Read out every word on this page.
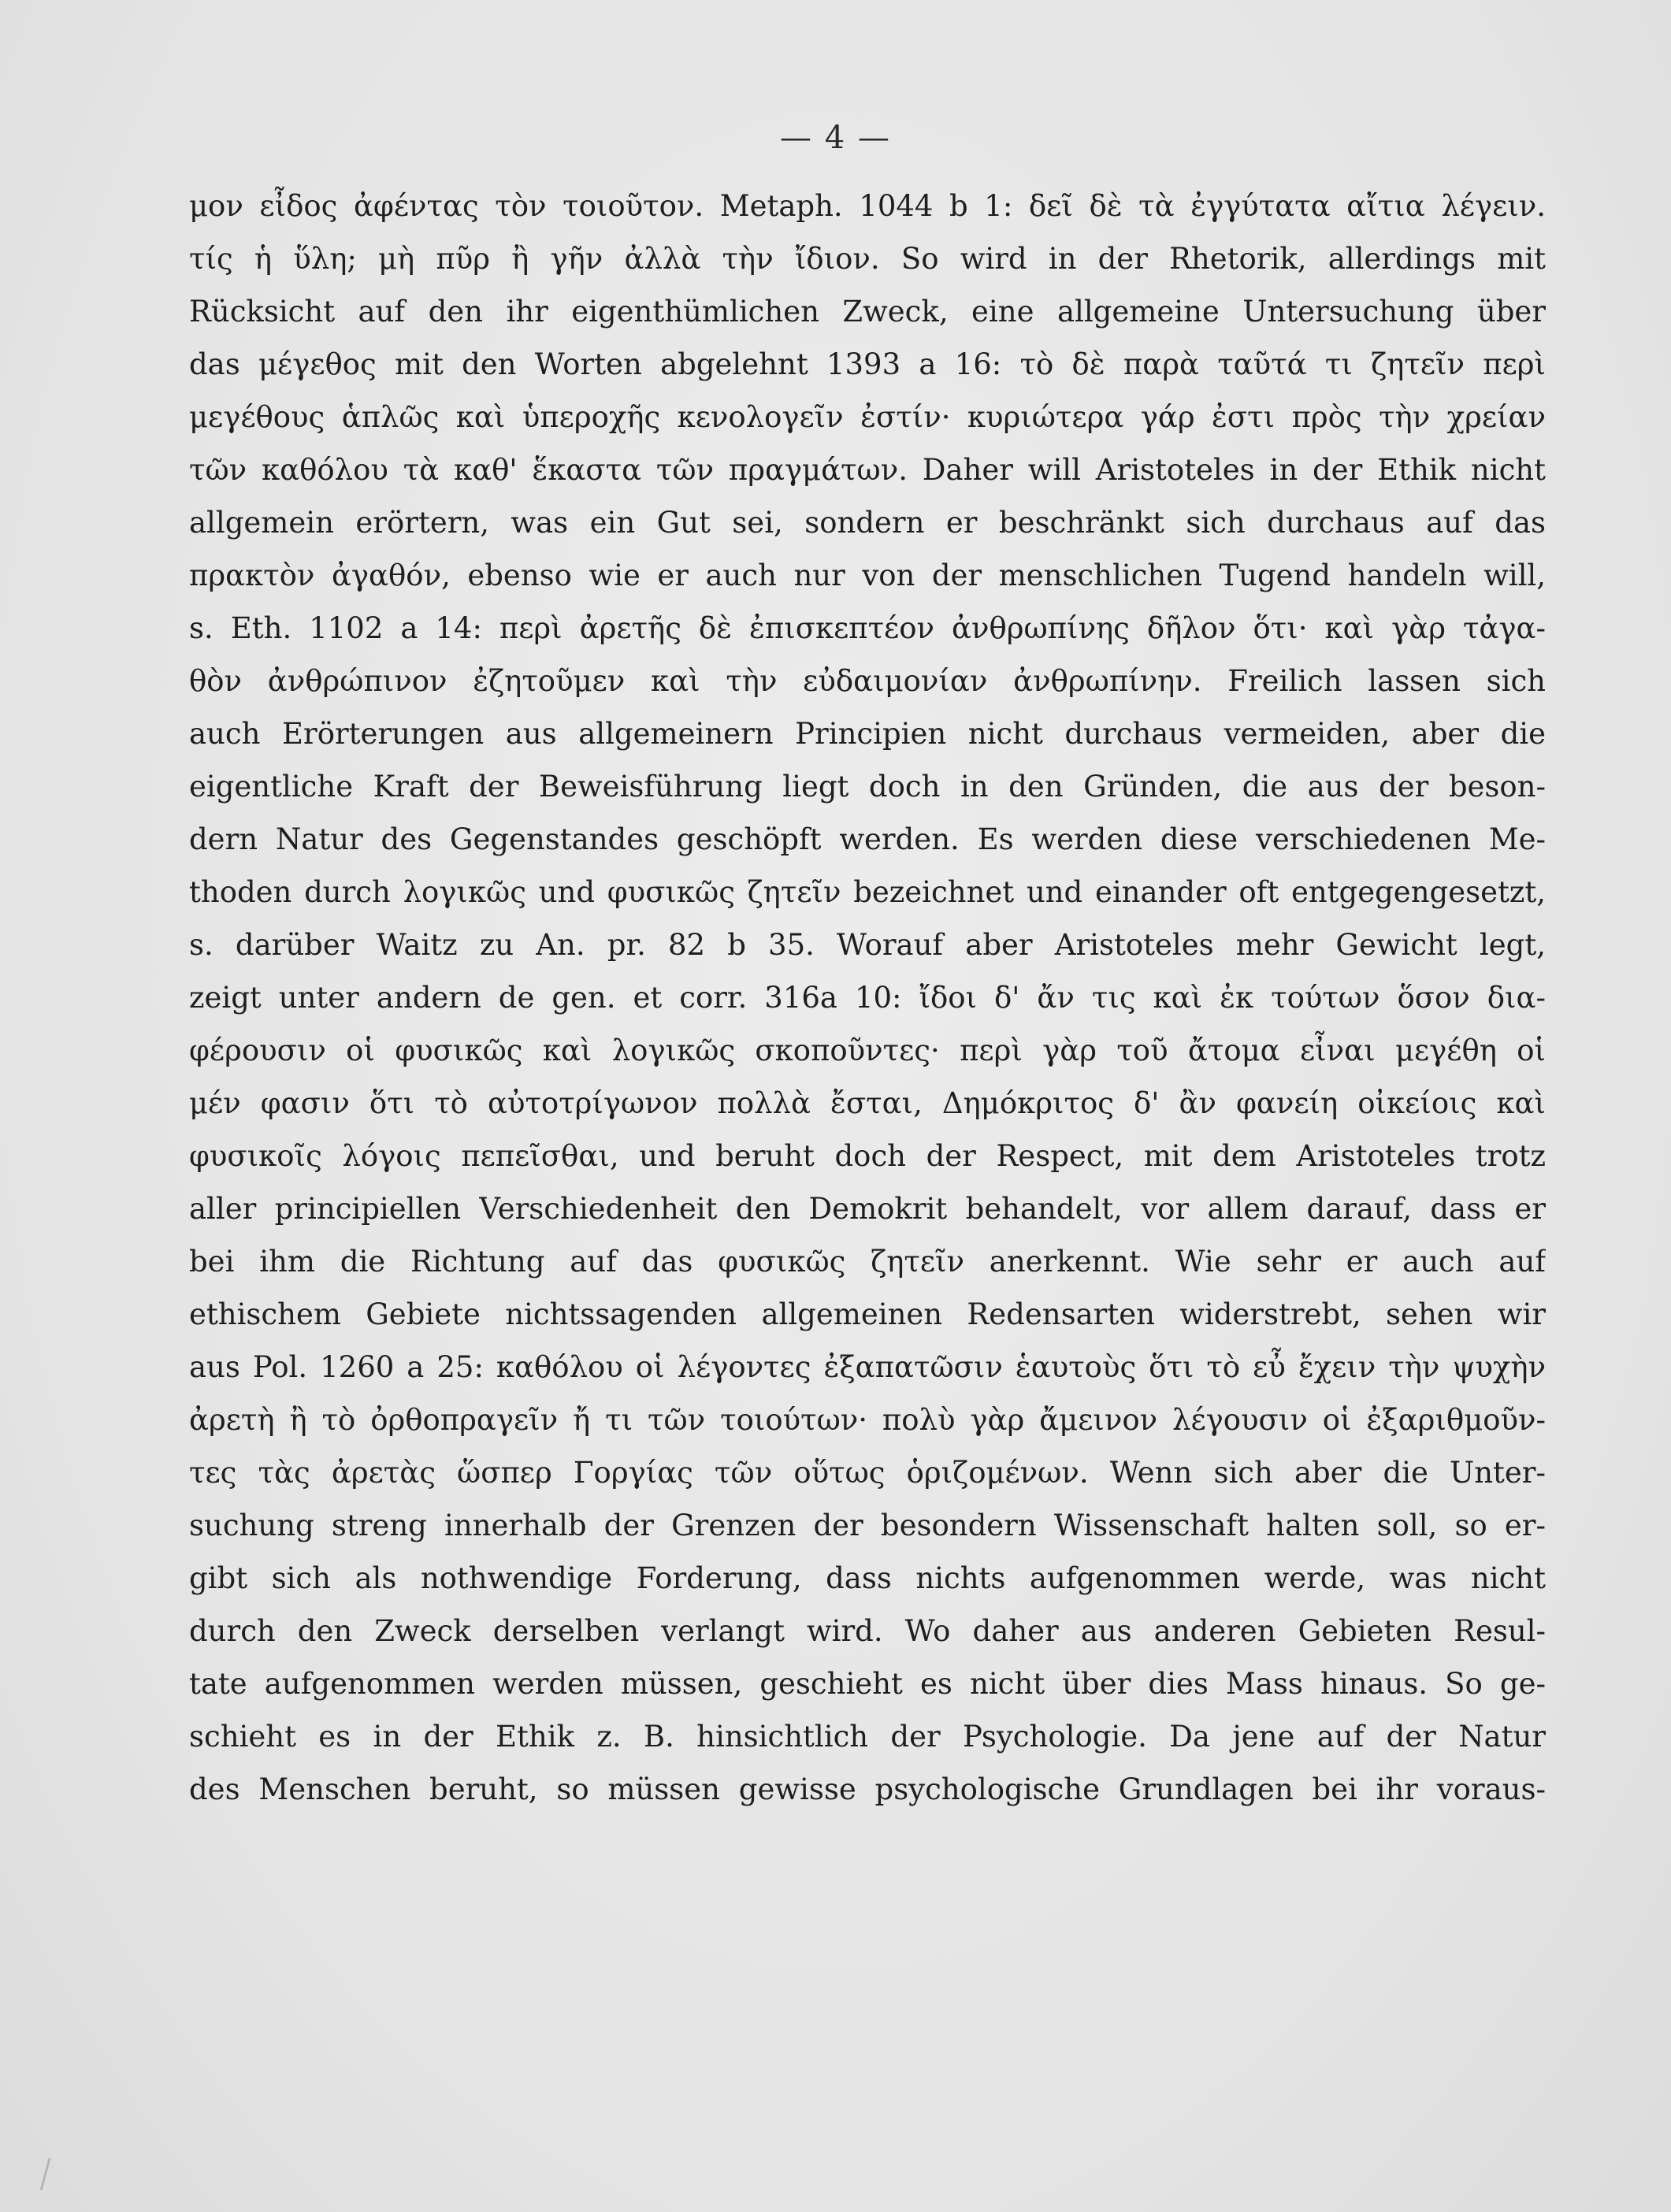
— 4 —
μον εἶδος ἀφέντας τὸν τοιοῦτον. Metaph. 1044 b 1: δεῖ δὲ τὰ ἐγγύτατα αἴτια λέγειν.
τίς ἡ ὕλη; μὴ πῦρ ἢ γῆν ἀλλὰ τὴν ἴδιον. So wird in der Rhetorik, allerdings mit
Rücksicht auf den ihr eigenthümlichen Zweck, eine allgemeine Untersuchung über
das μέγεθος mit den Worten abgelehnt 1393 a 16: τὸ δὲ παρὰ ταῦτά τι ζητεῖν περὶ
μεγέθους ἁπλῶς καὶ ὑπεροχῆς κενολογεῖν ἐστίν· κυριώτερα γάρ ἐστι πρὸς τὴν χρείαν
τῶν καθόλου τὰ καθ' ἕκαστα τῶν πραγμάτων. Daher will Aristoteles in der Ethik nicht
allgemein erörtern, was ein Gut sei, sondern er beschränkt sich durchaus auf das
πρακτὸν ἀγαθόν, ebenso wie er auch nur von der menschlichen Tugend handeln will,
s. Eth. 1102 a 14: περὶ ἀρετῆς δὲ ἐπισκεπτέον ἀνθρωπίνης δῆλον ὅτι· καὶ γὰρ τἀγα-
θὸν ἀνθρώπινον ἐζητοῦμεν καὶ τὴν εὐδαιμονίαν ἀνθρωπίνην. Freilich lassen sich
auch Erörterungen aus allgemeinern Principien nicht durchaus vermeiden, aber die
eigentliche Kraft der Beweisführung liegt doch in den Gründen, die aus der beson-
dern Natur des Gegenstandes geschöpft werden. Es werden diese verschiedenen Me-
thoden durch λογικῶς und φυσικῶς ζητεῖν bezeichnet und einander oft entgegengesetzt,
s. darüber Waitz zu An. pr. 82 b 35. Worauf aber Aristoteles mehr Gewicht legt,
zeigt unter andern de gen. et corr. 316a 10: ἴδοι δ' ἄν τις καὶ ἐκ τούτων ὅσον δια-
φέρουσιν οἱ φυσικῶς καὶ λογικῶς σκοποῦντες· περὶ γὰρ τοῦ ἄτομα εἶναι μεγέθη οἱ
μέν φασιν ὅτι τὸ αὐτοτρίγωνον πολλὰ ἔσται, Δημόκριτος δ' ἂν φανείη οἰκείοις καὶ
φυσικοῖς λόγοις πεπεῖσθαι, und beruht doch der Respect, mit dem Aristoteles trotz
aller principiellen Verschiedenheit den Demokrit behandelt, vor allem darauf, dass er
bei ihm die Richtung auf das φυσικῶς ζητεῖν anerkennt. Wie sehr er auch auf
ethischem Gebiete nichtssagenden allgemeinen Redensarten widerstrebt, sehen wir
aus Pol. 1260 a 25: καθόλου οἱ λέγοντες ἐξαπατῶσιν ἑαυτοὺς ὅτι τὸ εὖ ἔχειν τὴν ψυχὴν
ἀρετὴ ἢ τὸ ὀρθοπραγεῖν ἤ τι τῶν τοιούτων· πολὺ γὰρ ἄμεινον λέγουσιν οἱ ἐξαριθμοῦν-
τες τὰς ἀρετὰς ὥσπερ Γοργίας τῶν οὕτως ὁριζομένων. Wenn sich aber die Unter-
suchung streng innerhalb der Grenzen der besondern Wissenschaft halten soll, so er-
gibt sich als nothwendige Forderung, dass nichts aufgenommen werde, was nicht
durch den Zweck derselben verlangt wird. Wo daher aus anderen Gebieten Resul-
tate aufgenommen werden müssen, geschieht es nicht über dies Mass hinaus. So ge-
schieht es in der Ethik z. B. hinsichtlich der Psychologie. Da jene auf der Natur
des Menschen beruht, so müssen gewisse psychologische Grundlagen bei ihr voraus-
